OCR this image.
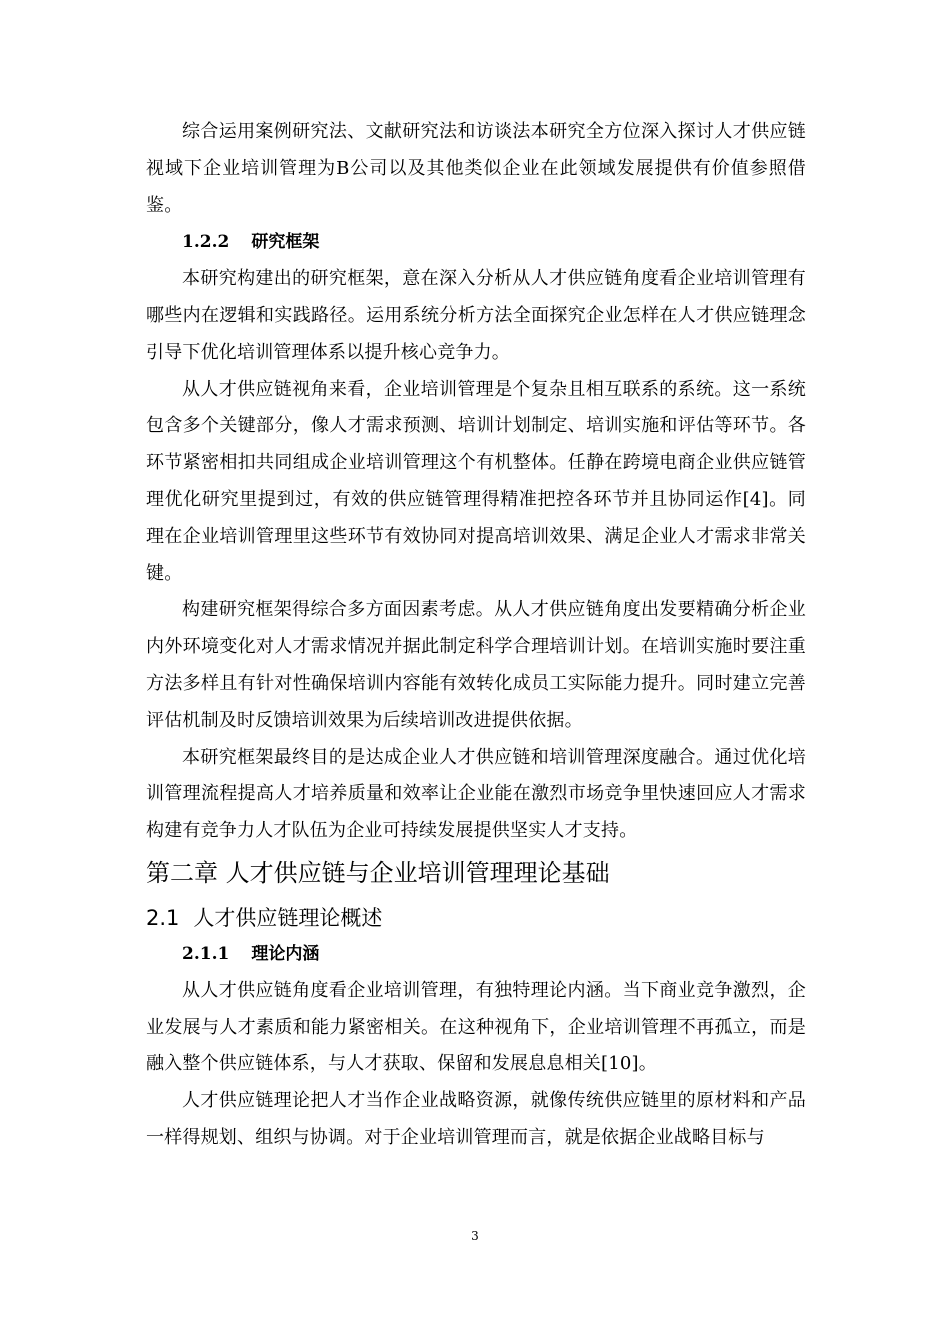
综合运用案例研究法、文献研究法和访谈法本研究全方位深入探讨人才供应链视域下企业培训管理为B公司以及其他类似企业在此领域发展提供有价值参照借鉴。

1.2.2 研究框架

本研究构建出的研究框架，意在深入分析从人才供应链角度看企业培训管理有哪些内在逻辑和实践路径。运用系统分析方法全面探究企业怎样在人才供应链理念引导下优化培训管理体系以提升核心竞争力。

从人才供应链视角来看，企业培训管理是个复杂且相互联系的系统。这一系统包含多个关键部分，像人才需求预测、培训计划制定、培训实施和评估等环节。各环节紧密相扣共同组成企业培训管理这个有机整体。任静在跨境电商企业供应链管理优化研究里提到过，有效的供应链管理得精准把控各环节并且协同运作[4]。同理在企业培训管理里这些环节有效协同对提高培训效果、满足企业人才需求非常关键。

构建研究框架得综合多方面因素考虑。从人才供应链角度出发要精确分析企业内外环境变化对人才需求情况并据此制定科学合理培训计划。在培训实施时要注重方法多样且有针对性确保培训内容能有效转化成员工实际能力提升。同时建立完善评估机制及时反馈培训效果为后续培训改进提供依据。

本研究框架最终目的是达成企业人才供应链和培训管理深度融合。通过优化培训管理流程提高人才培养质量和效率让企业能在激烈市场竞争里快速回应人才需求构建有竞争力人才队伍为企业可持续发展提供坚实人才支持。

第二章 人才供应链与企业培训管理理论基础
2.1 人才供应链理论概述
2.1.1 理论内涵

从人才供应链角度看企业培训管理，有独特理论内涵。当下商业竞争激烈，企业发展与人才素质和能力紧密相关。在这种视角下，企业培训管理不再孤立，而是融入整个供应链体系，与人才获取、保留和发展息息相关[10]。

人才供应链理论把人才当作企业战略资源，就像传统供应链里的原材料和产品一样得规划、组织与协调。对于企业培训管理而言，就是依据企业战略目标与

3
